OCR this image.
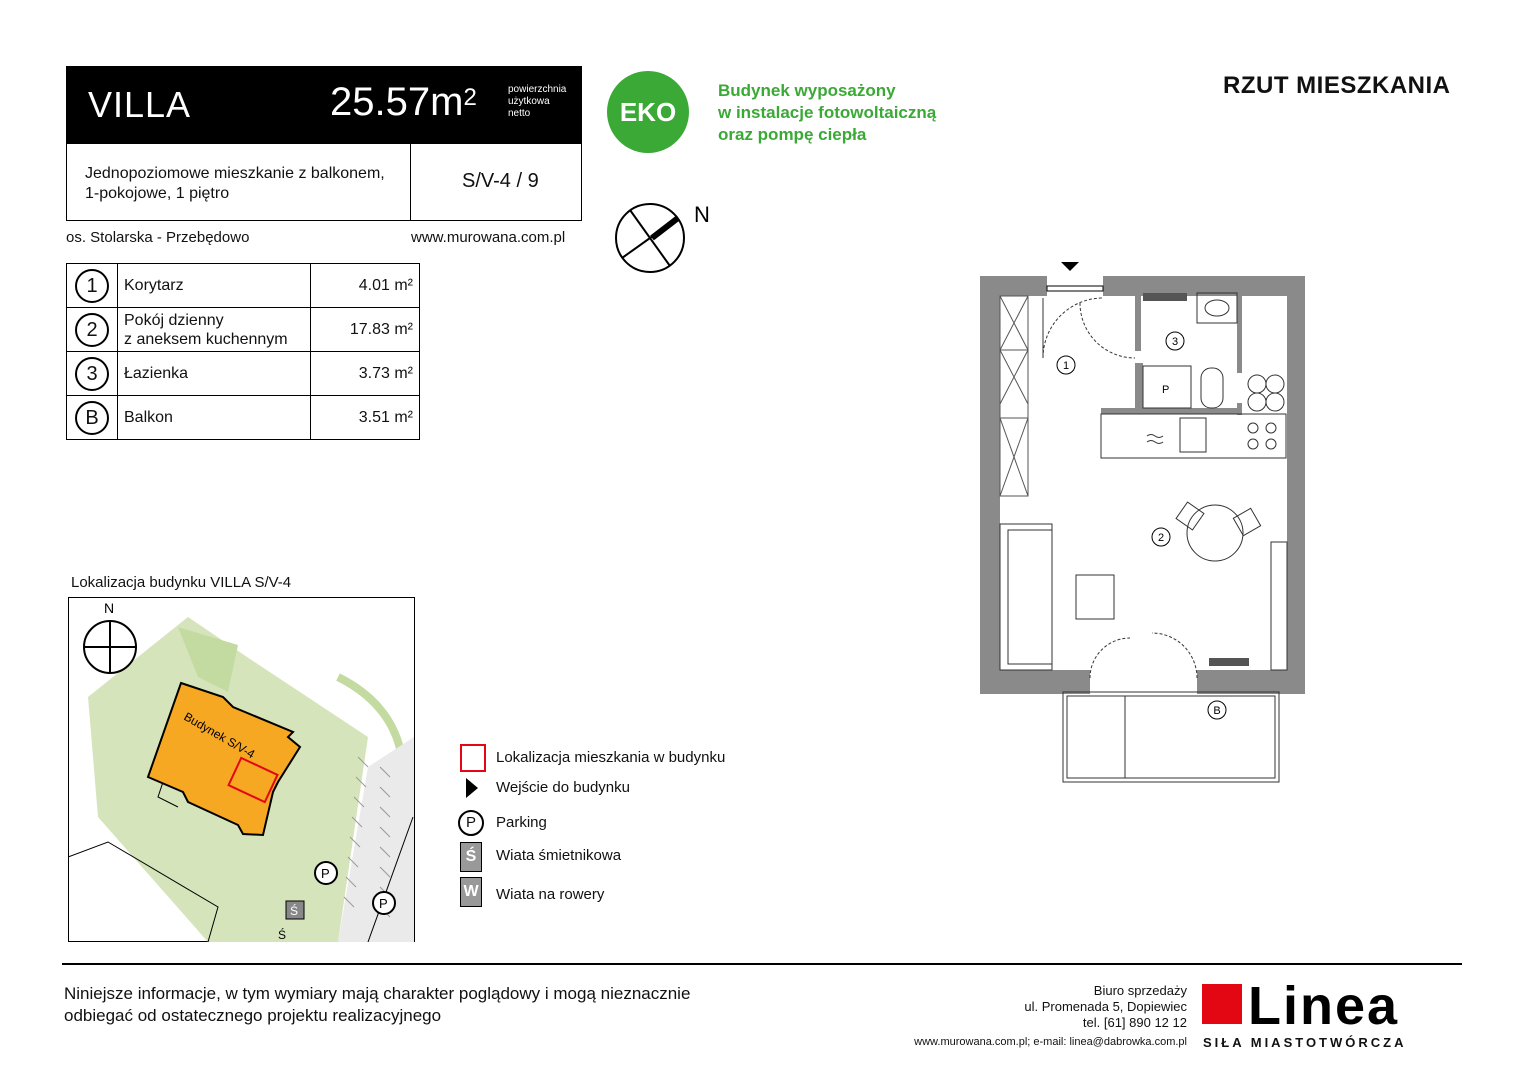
VILLA	$25.57m^2$	powierzchnia
użytkowa
netto
Jednopoziomowe mieszkanie z balkonem,
1-pokojowe, 1 piętro
S/V-4 / 9
os. Stolarska - Przebędowo	www.murowana.com.pl
1	Korytarz	4.01 m²
2	Pokój dzienny
z aneksem kuchennym	17.83 m²
3	Łazienka	3.73 m²
B	Balkon	3.51 m²
EKO
Budynek wyposażony
w instalacje fotowoltaiczną
oraz pompę ciepła
N
RZUT MIESZKANIA
P
1
3
2
B
Lokalizacja budynku VILLA S/V-4
Budynek S/V-4
N
P
P
Ś
Ś
Lokalizacja mieszkania w budynku
Wejście do budynku
P	Parking
Ś	Wiata śmietnikowa
W Wiata na rowery
Niniejsze informacje, w tym wymiary mają charakter poglądowy i mogą nieznacznie
odbiegać od ostatecznego projektu realizacyjnego
Biuro sprzedaży
ul. Promenada 5, Dopiewiec
tel. [61] 890 12 12
www.murowana.com.pl; e-mail: linea@dabrowka.com.pl
Linea
SIŁA MIASTOTWÓRCZA
